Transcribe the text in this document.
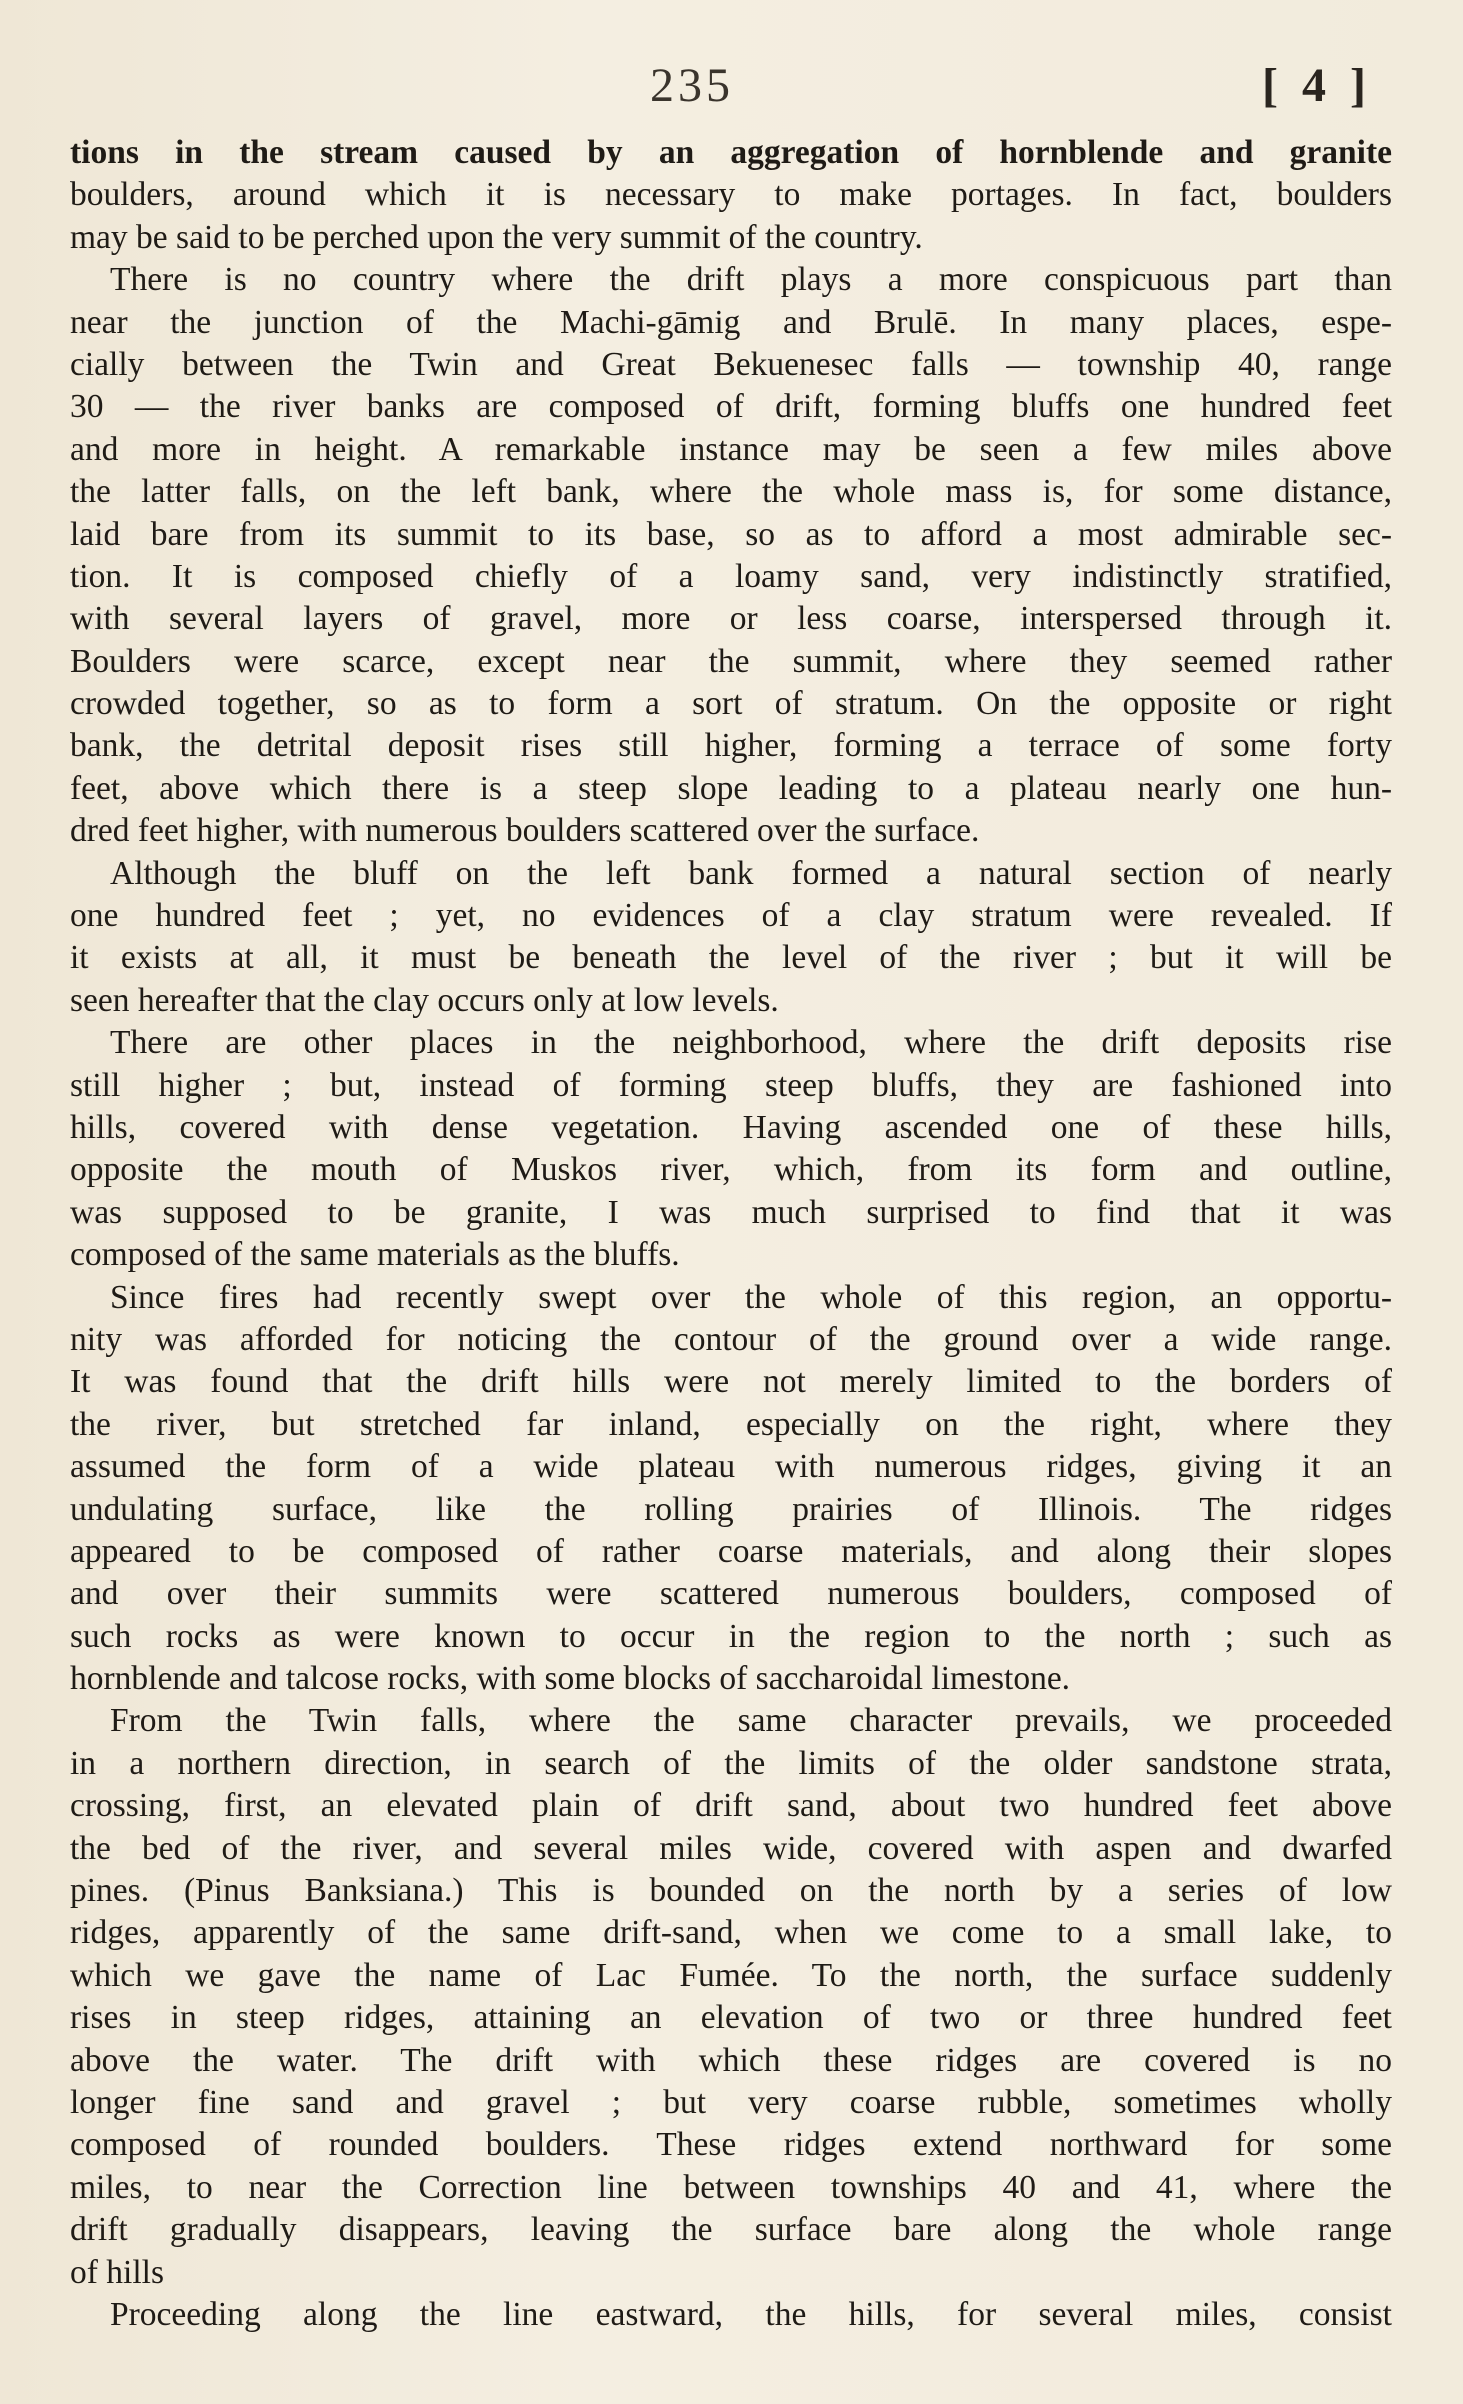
235	[ 4 ]
tions in the stream caused by an aggregation of hornblende and granite
boulders, around which it is necessary to make portages. In fact, boulders
may be said to be perched upon the very summit of the country.
There is no country where the drift plays a more conspicuous part than
near the junction of the Machi-gāmig and Brulē. In many places, espe-
cially between the Twin and Great Bekuenesec falls — township 40, range
30 — the river banks are composed of drift, forming bluffs one hundred feet
and more in height. A remarkable instance may be seen a few miles above
the latter falls, on the left bank, where the whole mass is, for some distance,
laid bare from its summit to its base, so as to afford a most admirable sec-
tion. It is composed chiefly of a loamy sand, very indistinctly stratified,
with several layers of gravel, more or less coarse, interspersed through it.
Boulders were scarce, except near the summit, where they seemed rather
crowded together, so as to form a sort of stratum. On the opposite or right
bank, the detrital deposit rises still higher, forming a terrace of some forty
feet, above which there is a steep slope leading to a plateau nearly one hun-
dred feet higher, with numerous boulders scattered over the surface.
Although the bluff on the left bank formed a natural section of nearly
one hundred feet ; yet, no evidences of a clay stratum were revealed. If
it exists at all, it must be beneath the level of the river ; but it will be
seen hereafter that the clay occurs only at low levels.
There are other places in the neighborhood, where the drift deposits rise
still higher ; but, instead of forming steep bluffs, they are fashioned into
hills, covered with dense vegetation. Having ascended one of these hills,
opposite the mouth of Muskos river, which, from its form and outline,
was supposed to be granite, I was much surprised to find that it was
composed of the same materials as the bluffs.
Since fires had recently swept over the whole of this region, an opportu-
nity was afforded for noticing the contour of the ground over a wide range.
It was found that the drift hills were not merely limited to the borders of
the river, but stretched far inland, especially on the right, where they
assumed the form of a wide plateau with numerous ridges, giving it an
undulating surface, like the rolling prairies of Illinois. The ridges
appeared to be composed of rather coarse materials, and along their slopes
and over their summits were scattered numerous boulders, composed of
such rocks as were known to occur in the region to the north ; such as
hornblende and talcose rocks, with some blocks of saccharoidal limestone.
From the Twin falls, where the same character prevails, we proceeded
in a northern direction, in search of the limits of the older sandstone strata,
crossing, first, an elevated plain of drift sand, about two hundred feet above
the bed of the river, and several miles wide, covered with aspen and dwarfed
pines. (Pinus Banksiana.) This is bounded on the north by a series of low
ridges, apparently of the same drift-sand, when we come to a small lake, to
which we gave the name of Lac Fumée. To the north, the surface suddenly
rises in steep ridges, attaining an elevation of two or three hundred feet
above the water. The drift with which these ridges are covered is no
longer fine sand and gravel ; but very coarse rubble, sometimes wholly
composed of rounded boulders. These ridges extend northward for some
miles, to near the Correction line between townships 40 and 41, where the
drift gradually disappears, leaving the surface bare along the whole range
of hills
Proceeding along the line eastward, the hills, for several miles, consist
